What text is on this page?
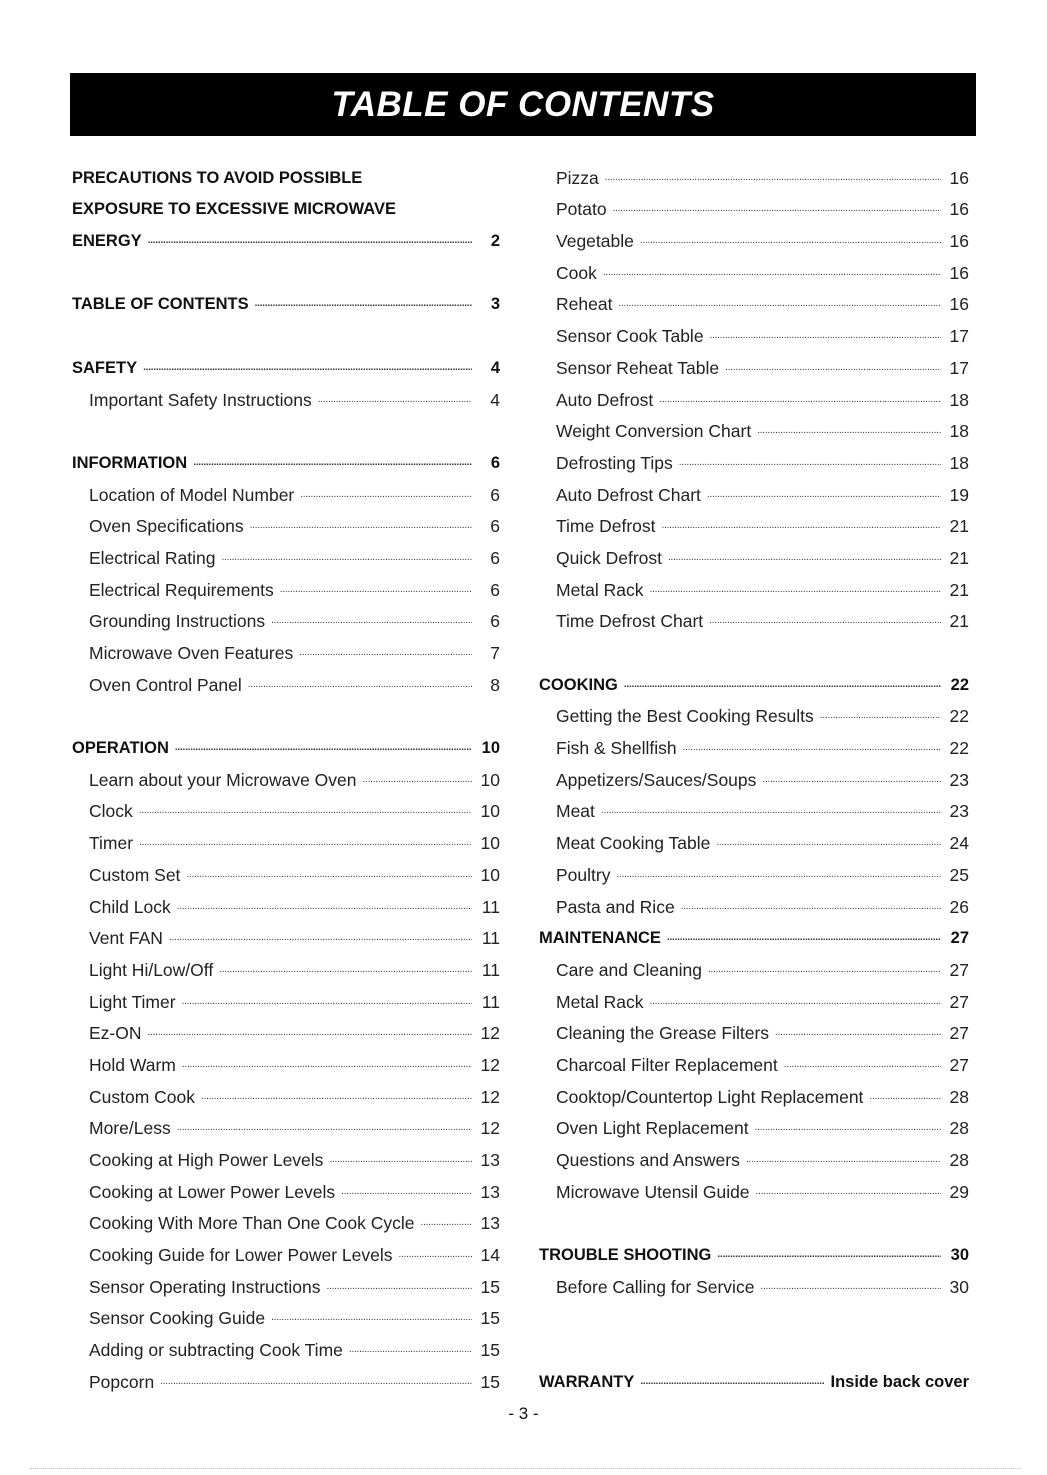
TABLE OF CONTENTS
PRECAUTIONS TO AVOID POSSIBLE
EXPOSURE TO EXCESSIVE MICROWAVE
ENERGY . . .	2
TABLE OF CONTENTS . . .	3
SAFETY . . .	4
Important Safety Instructions . . .	4
INFORMATION . . .	6
Location of Model Number . . .	6
Oven Specifications . . .	6
Electrical Rating . . .	6
Electrical Requirements . . .	6
Grounding Instructions . . .	6
Microwave Oven Features . . .	7
Oven Control Panel . . .	8
OPERATION . . .	10
Learn about your Microwave Oven . . .	10
Clock . . .	10
Timer . . .	10
Custom Set . . .	10
Child Lock . . .	11
Vent FAN . . .	11
Light Hi/Low/Off . . .	11
Light Timer . . .	11
Ez-ON . . .	12
Hold Warm . . .	12
Custom Cook . . .	12
More/Less . . .	12
Cooking at High Power Levels . . .	13
Cooking at Lower Power Levels . . .	13
Cooking With More Than One Cook Cycle . . .	13
Cooking Guide for Lower Power Levels . . .	14
Sensor Operating Instructions . . .	15
Sensor Cooking Guide . . .	15
Adding or subtracting Cook Time . . .	15
Popcorn . . .	15
Pizza . . .	16
Potato . . .	16
Vegetable . . .	16
Cook . . .	16
Reheat . . .	16
Sensor Cook Table . . .	17
Sensor Reheat Table . . .	17
Auto Defrost . . .	18
Weight Conversion Chart . . .	18
Defrosting Tips . . .	18
Auto Defrost Chart . . .	19
Time Defrost . . .	21
Quick Defrost . . .	21
Metal Rack . . .	21
Time Defrost Chart . . .	21
COOKING . . .	22
Getting the Best Cooking Results . . .	22
Fish & Shellfish . . .	22
Appetizers/Sauces/Soups . . .	23
Meat . . .	23
Meat Cooking Table . . .	24
Poultry . . .	25
Pasta and Rice . . .	26
MAINTENANCE . . .	27
Care and Cleaning . . .	27
Metal Rack . . .	27
Cleaning the Grease Filters . . .	27
Charcoal Filter Replacement . . .	27
Cooktop/Countertop Light Replacement . . .	28
Oven Light Replacement . . .	28
Questions and Answers . . .	28
Microwave Utensil Guide . . .	29
TROUBLE SHOOTING . . .	30
Before Calling for Service . . .	30
WARRANTY . . .	Inside back cover
- 3 -
